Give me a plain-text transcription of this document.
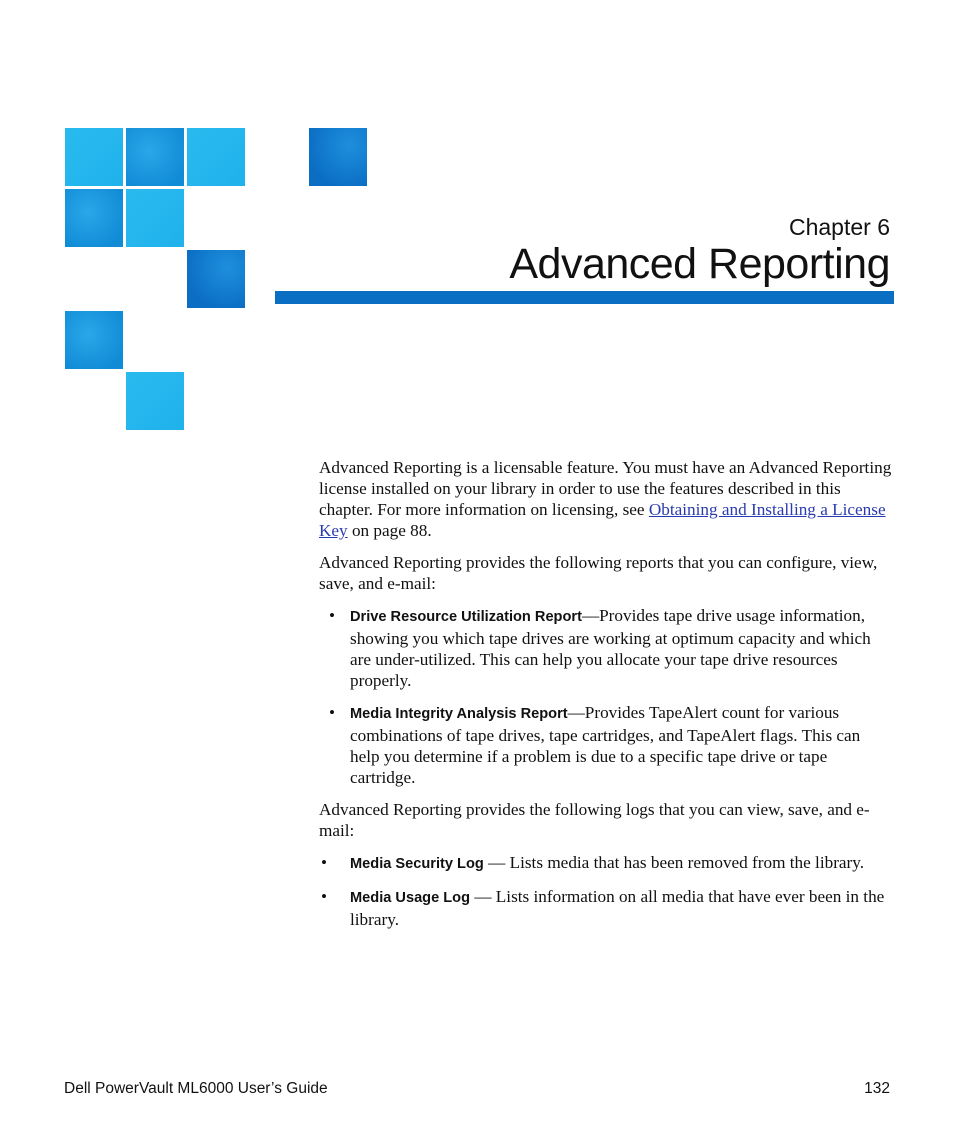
Chapter 6
Advanced Reporting

Advanced Reporting is a licensable feature. You must have an Advanced Reporting license installed on your library in order to use the features described in this chapter. For more information on licensing, see Obtaining and Installing a License Key on page 88.

Advanced Reporting provides the following reports that you can configure, view, save, and e-mail:

• Drive Resource Utilization Report—Provides tape drive usage information, showing you which tape drives are working at optimum capacity and which are under-utilized. This can help you allocate your tape drive resources properly.
• Media Integrity Analysis Report—Provides TapeAlert count for various combinations of tape drives, tape cartridges, and TapeAlert flags. This can help you determine if a problem is due to a specific tape drive or tape cartridge.

Advanced Reporting provides the following logs that you can view, save, and e-mail:

• Media Security Log — Lists media that has been removed from the library.
• Media Usage Log — Lists information on all media that have ever been in the library.
Dell PowerVault ML6000 User’s Guide	132
